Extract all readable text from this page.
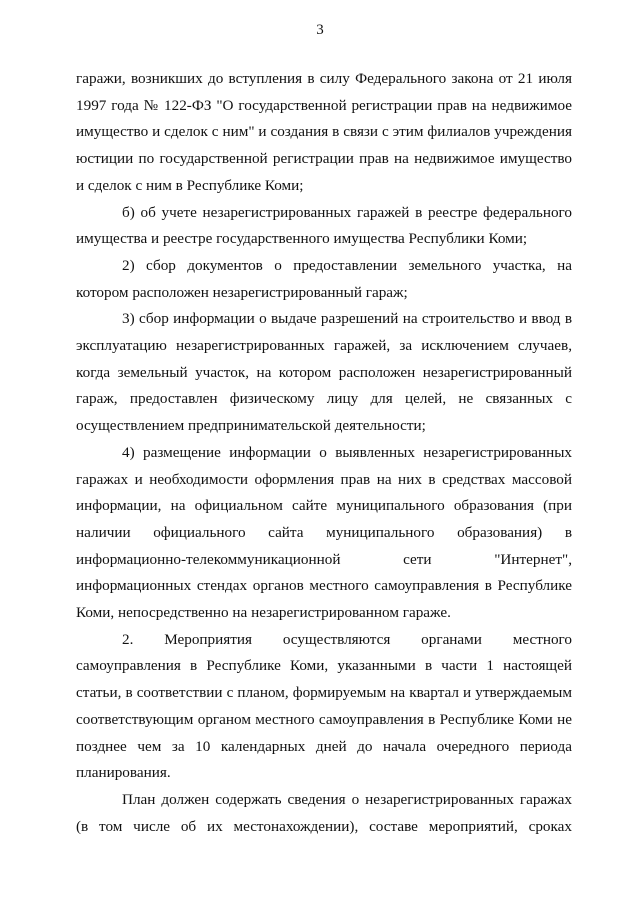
3

гаражи, возникших до вступления в силу Федерального закона от 21 июля 1997 года № 122-ФЗ "О государственной регистрации прав на недвижимое имущество и сделок с ним" и создания в связи с этим филиалов учреждения юстиции по государственной регистрации прав на недвижимое имущество и сделок с ним в Республике Коми;

б) об учете незарегистрированных гаражей в реестре федерального имущества и реестре государственного имущества Республики Коми;

2) сбор документов о предоставлении земельного участка, на котором расположен незарегистрированный гараж;

3) сбор информации о выдаче разрешений на строительство и ввод в эксплуатацию незарегистрированных гаражей, за исключением случаев, когда земельный участок, на котором расположен незарегистрированный гараж, предоставлен физическому лицу для целей, не связанных с осуществлением предпринимательской деятельности;

4) размещение информации о выявленных незарегистрированных гаражах и необходимости оформления прав на них в средствах массовой информации, на официальном сайте муниципального образования (при наличии официального сайта муниципального образования) в информационно-телекоммуникационной сети "Интернет", информационных стендах органов местного самоуправления в Республике Коми, непосредственно на незарегистрированном гараже.

2. Мероприятия осуществляются органами местного самоуправления в Республике Коми, указанными в части 1 настоящей статьи, в соответствии с планом, формируемым на квартал и утверждаемым соответствующим органом местного самоуправления в Республике Коми не позднее чем за 10 календарных дней до начала очередного периода планирования.

План должен содержать сведения о незарегистрированных гаражах (в том числе об их местонахождении), составе мероприятий, сроках
